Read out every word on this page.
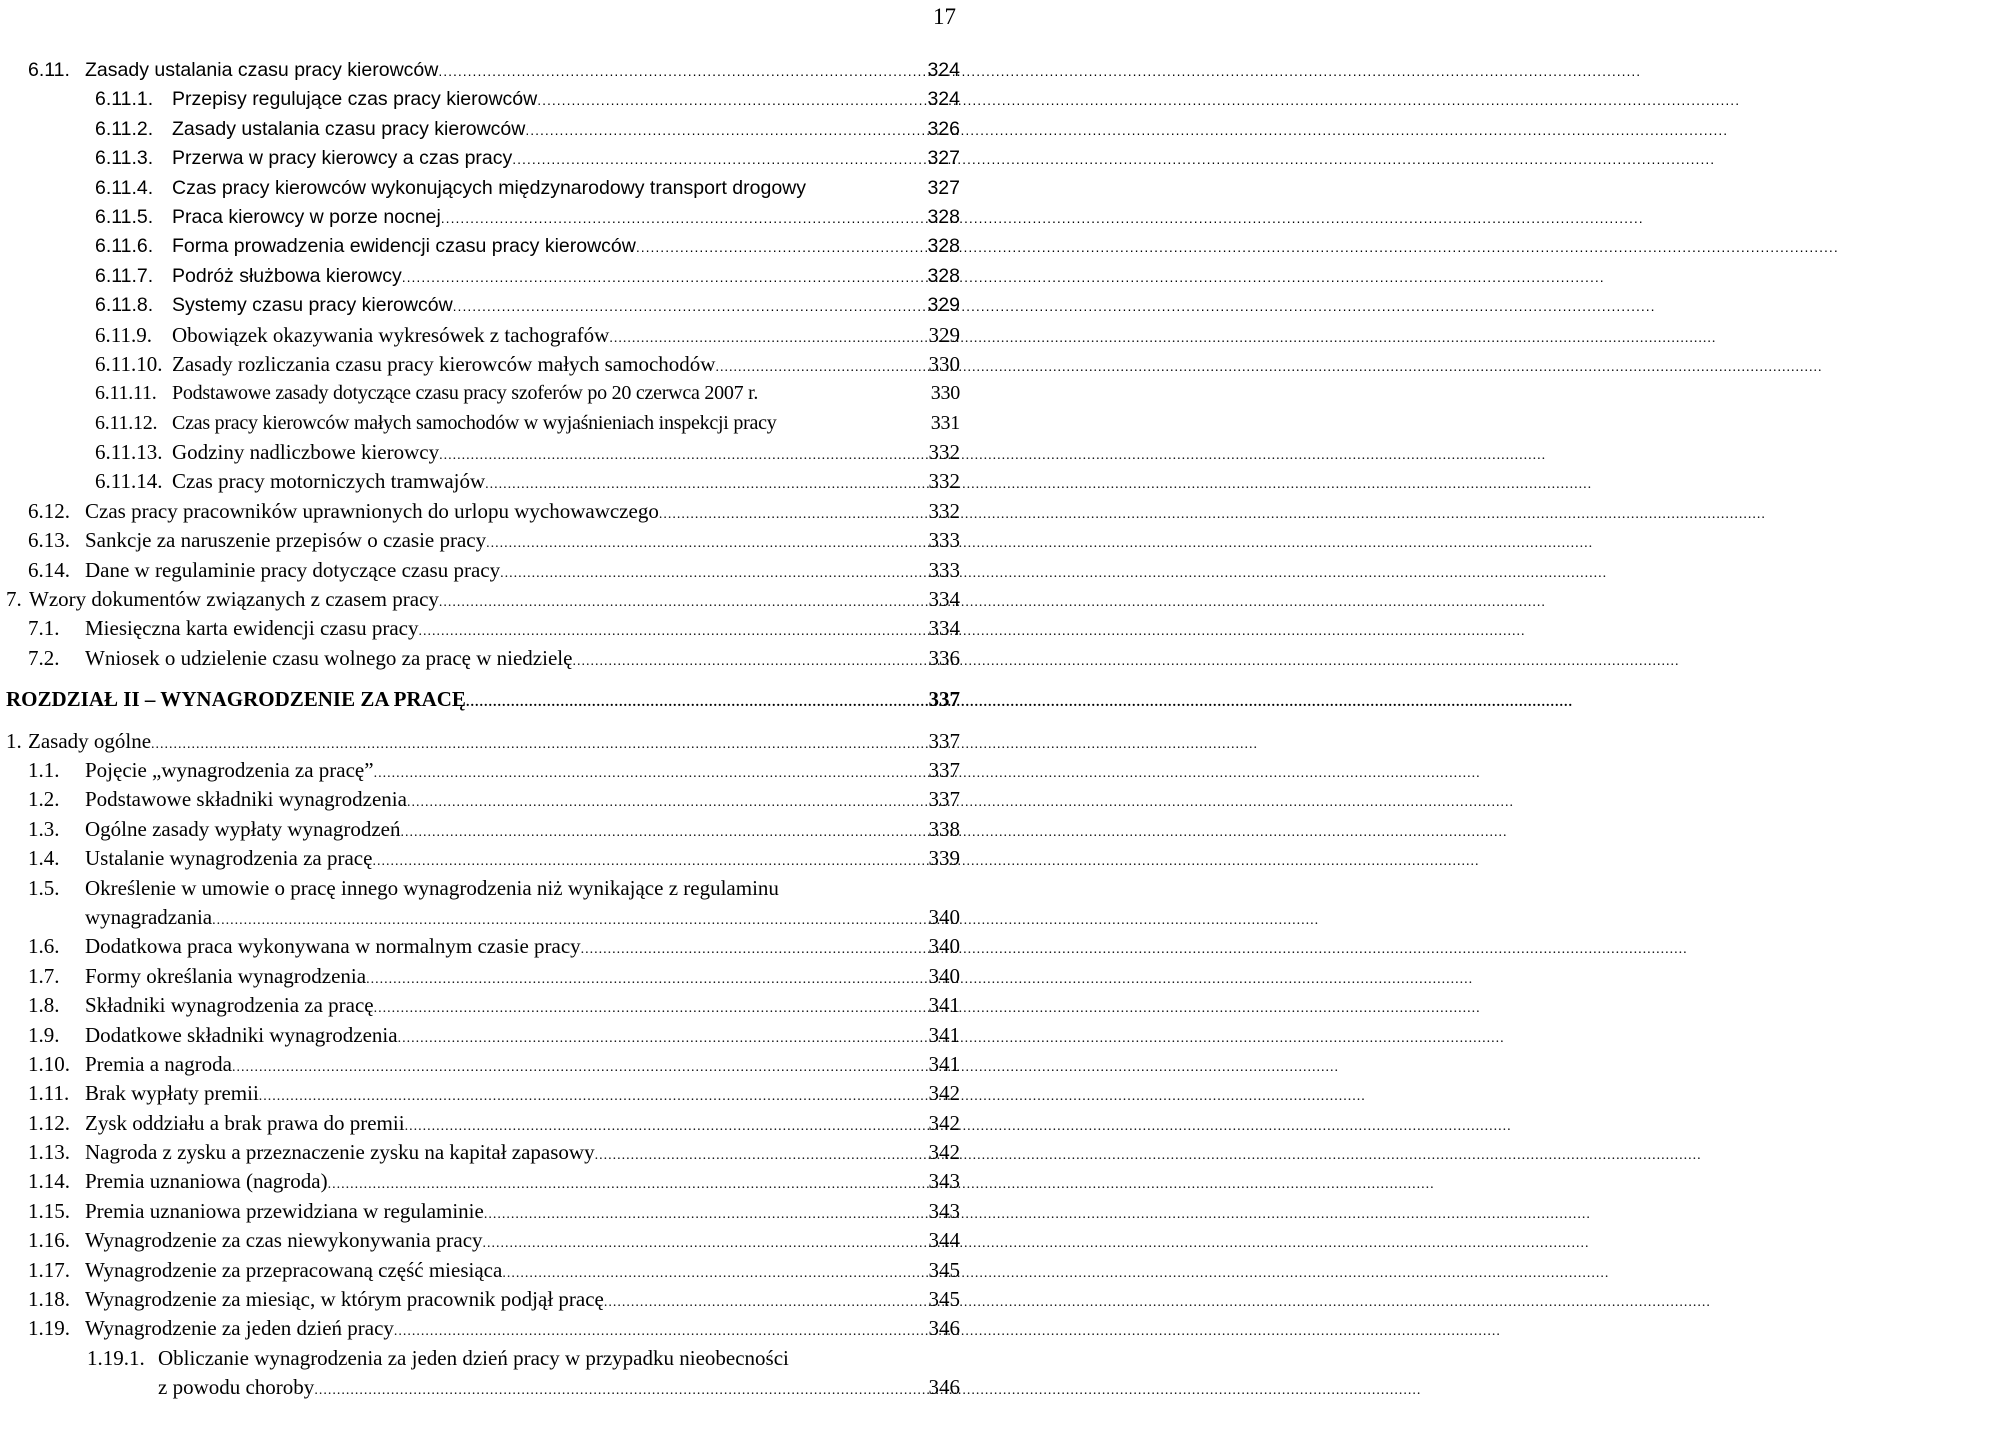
17
6.11. Zasady ustalania czasu pracy kierowców .....	324
6.11.1. Przepisy regulujące czas pracy kierowców .....	324
6.11.2. Zasady ustalania czasu pracy kierowców .....	326
6.11.3. Przerwa w pracy kierowcy a czas pracy .....	327
6.11.4. Czas pracy kierowców wykonujących międzynarodowy transport drogowy	327
6.11.5. Praca kierowcy w porze nocnej .....	328
6.11.6. Forma prowadzenia ewidencji czasu pracy kierowców .....	328
6.11.7. Podróż służbowa kierowcy .....	328
6.11.8. Systemy czasu pracy kierowców .....	329
6.11.9. Obowiązek okazywania wykresówek z tachografów .....	329
6.11.10. Zasady rozliczania czasu pracy kierowców małych samochodów .....	330
6.11.11. Podstawowe zasady dotyczące czasu pracy szoferów po 20 czerwca 2007 r.	330
6.11.12. Czas pracy kierowców małych samochodów w wyjaśnieniach inspekcji pracy	331
6.11.13. Godziny nadliczbowe kierowcy .....	332
6.11.14. Czas pracy motorniczych tramwajów .....	332
6.12. Czas pracy pracowników uprawnionych do urlopu wychowawczego .....	332
6.13. Sankcje za naruszenie przepisów o czasie pracy .....	333
6.14. Dane w regulaminie pracy dotyczące czasu pracy .....	333
7. Wzory dokumentów związanych z czasem pracy .....	334
7.1. Miesięczna karta ewidencji czasu pracy .....	334
7.2. Wniosek o udzielenie czasu wolnego za pracę w niedzielę .....	336
ROZDZIAŁ II – WYNAGRODZENIE ZA PRACĘ .....	337
1. Zasady ogólne .....	337
1.1. Pojęcie „wynagrodzenia za pracę” .....	337
1.2. Podstawowe składniki wynagrodzenia .....	337
1.3. Ogólne zasady wypłaty wynagrodzeń .....	338
1.4. Ustalanie wynagrodzenia za pracę .....	339
1.5. Określenie w umowie o pracę innego wynagrodzenia niż wynikające z regulaminu
wynagradzania .....	340
1.6. Dodatkowa praca wykonywana w normalnym czasie pracy .....	340
1.7. Formy określania wynagrodzenia .....	340
1.8. Składniki wynagrodzenia za pracę .....	341
1.9. Dodatkowe składniki wynagrodzenia .....	341
1.10. Premia a nagroda .....	341
1.11. Brak wypłaty premii .....	342
1.12. Zysk oddziału a brak prawa do premii .....	342
1.13. Nagroda z zysku a przeznaczenie zysku na kapitał zapasowy .....	342
1.14. Premia uznaniowa (nagroda) .....	343
1.15. Premia uznaniowa przewidziana w regulaminie .....	343
1.16. Wynagrodzenie za czas niewykonywania pracy .....	344
1.17. Wynagrodzenie za przepracowaną część miesiąca .....	345
1.18. Wynagrodzenie za miesiąc, w którym pracownik podjął pracę .....	345
1.19. Wynagrodzenie za jeden dzień pracy .....	346
1.19.1. Obliczanie wynagrodzenia za jeden dzień pracy w przypadku nieobecności
z powodu choroby .....	346
